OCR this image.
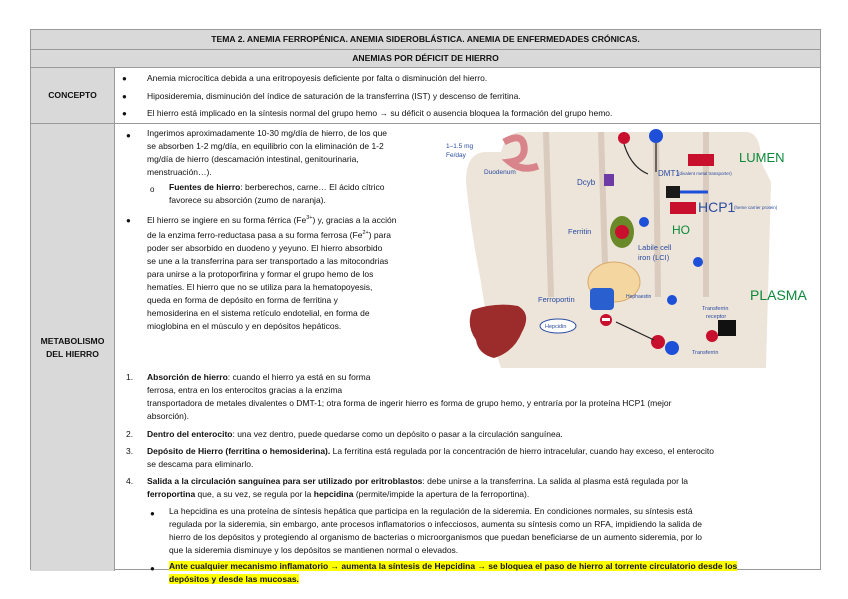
TEMA 2. ANEMIA FERROPÉNICA. ANEMIA SIDEROBLÁSTICA. ANEMIA DE ENFERMEDADES CRÓNICAS.
ANEMIAS POR DÉFICIT DE HIERRO
CONCEPTO
● Anemia microcítica debida a una eritropoyesis deficiente por falta o disminución del hierro.
● Hiposideremia, disminución del índice de saturación de la transferrina (IST) y descenso de ferritina.
● El hierro está implicado en la síntesis normal del grupo hemo → su déficit o ausencia bloquea la formación del grupo hemo.
METABOLISMO
DEL HIERRO
● Ingerimos aproximadamente 10-30 mg/día de hierro, de los que
se absorben 1-2 mg/día, en equilibrio con la eliminación de 1-2
mg/día de hierro (descamación intestinal, genitourinaria,
menstruación…).
o Fuentes de hierro: berberechos, carne… El ácido cítrico
favorece su absorción (zumo de naranja).
● El hierro se ingiere en su forma férrica $(Fe^{3+})$ y, gracias a la acción
de la enzima ferro-reductasa pasa a su forma ferrosa $(Fe^{2+})$ para
poder ser absorbido en duodeno y yeyuno. El hierro absorbido
se une a la transferrina para ser transportado a las mitocondrias
para unirse a la protoporfirina y formar el grupo hemo de los
hematíes. El hierro que no se utiliza para la hematopoyesis,
queda en forma de depósito en forma de ferritina y
hemosiderina en el sistema retículo endotelial, en forma de
mioglobina en el músculo y en depósitos hepáticos.
1. Absorción de hierro: cuando el hierro ya está en su forma
ferrosa, entra en los enterocitos gracias a la enzima
transportadora de metales divalentes o DMT-1; otra forma de ingerir hierro es forma de grupo hemo, y entraría por la proteína HCP1 (mejor
absorción).
2. Dentro del enterocito: una vez dentro, puede quedarse como un depósito o pasar a la circulación sanguínea.
3. Depósito de Hierro (ferritina o hemosiderina). La ferritina está regulada por la concentración de hierro intracelular, cuando hay exceso, el enterocito
se descama para eliminarlo.
4. Salida a la circulación sanguínea para ser utilizado por eritroblastos: debe unirse a la transferrina. La salida al plasma está regulada por la
ferroportina que, a su vez, se regula por la hepcidina (permite/impide la apertura de la ferroportina).
● La hepcidina es una proteína de síntesis hepática que participa en la regulación de la sideremia. En condiciones normales, su síntesis está
regulada por la sideremia, sin embargo, ante procesos inflamatorios o infecciosos, aumenta su síntesis como un RFA, impidiendo la salida de
hierro de los depósitos y protegiendo al organismo de bacterias o microorganismos que puedan beneficiarse de un aumento sideremia, por lo
que la sideremia disminuye y los depósitos se mantienen normal o elevados.
● Ante cualquier mecanismo inflamatorio → aumenta la síntesis de Hepcidina → se bloquea el paso de hierro al torrente circulatorio desde los
depósitos y desde las mucosas.
1–1.5 mg
Fe/day
Duodenum
Dcyb
DMT1
(divalent metal transporter)
LUMEN
HCP1
(heme carrier protein)
HO
Ferritin
Labile cell
iron (LCI)
PLASMA
Ferroportin	Hephaestin
Hepcidin
Transferrin
receptor
Transferrin
